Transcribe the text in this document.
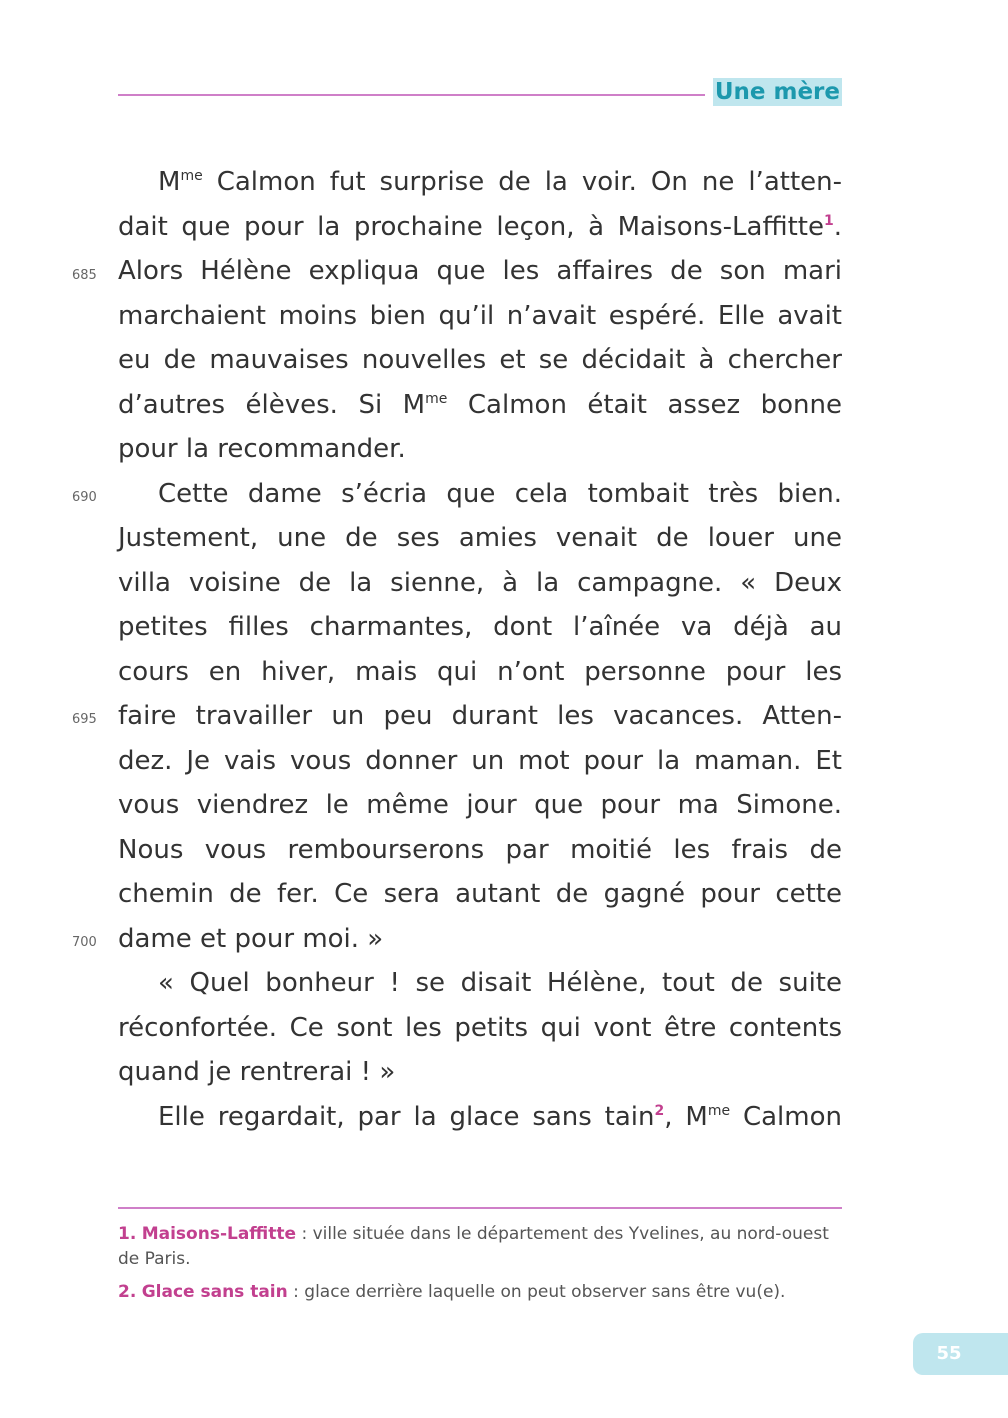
Une mère
685
690
695
700
$M^{me}$ Calmon fut surprise de la voir. On ne l’atten-
dait que pour la prochaine leçon, à Maisons-Laffitte$^1$.
Alors Hélène expliqua que les affaires de son mari
marchaient moins bien qu’il n’avait espéré. Elle avait
eu de mauvaises nouvelles et se décidait à chercher
d’autres élèves. Si $M^{me}$ Calmon était assez bonne
pour la recommander.
Cette dame s’écria que cela tombait très bien.
Justement, une de ses amies venait de louer une
villa voisine de la sienne, à la campagne. « Deux
petites filles charmantes, dont l’aînée va déjà au
cours en hiver, mais qui n’ont personne pour les
faire travailler un peu durant les vacances. Atten-
dez. Je vais vous donner un mot pour la maman. Et
vous viendrez le même jour que pour ma Simone.
Nous vous rembourserons par moitié les frais de
chemin de fer. Ce sera autant de gagné pour cette
dame et pour moi. »
« Quel bonheur ! se disait Hélène, tout de suite
réconfortée. Ce sont les petits qui vont être contents
quand je rentrerai ! »
Elle regardait, par la glace sans tain$^2$, $M^{me}$ Calmon
1. Maisons-Laffitte : ville située dans le département des Yvelines, au nord-ouest de Paris.
2. Glace sans tain : glace derrière laquelle on peut observer sans être vu(e).
55
